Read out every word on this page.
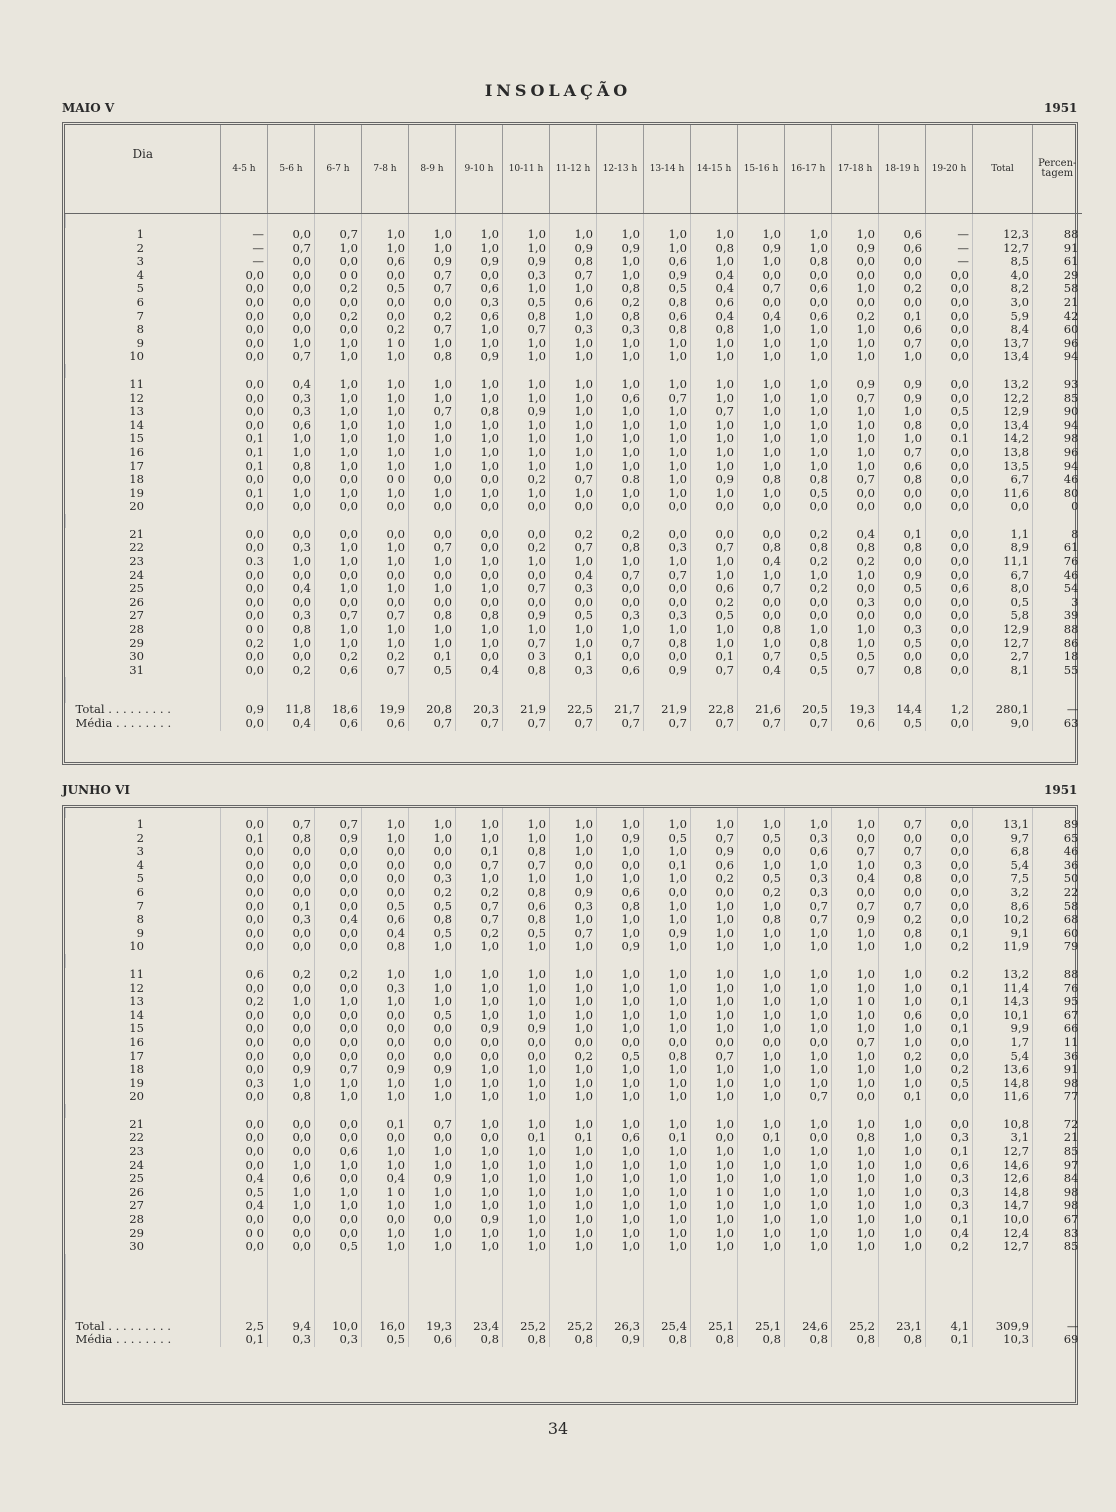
INSOLAÇÃO
MAIO V	1951
Dia	4-5 h	5-6 h	6-7 h	7-8 h	8-9 h	9-10 h	10-11 h	11-12 h	12-13 h	13-14 h	14-15 h	15-16 h	16-17 h	17-18 h	18-19 h	19-20 h	Total	Percen-tagem

1	—	0,0	0,7	1,0	1,0	1,0	1,0	1,0	1,0	1,0	1,0	1,0	1,0	1,0	0,6	—	12,3	88
2	—	0,7	1,0	1,0	1,0	1,0	1,0	0,9	0,9	1,0	0,8	0,9	1,0	0,9	0,6	—	12,7	91
3	—	0,0	0,0	0,6	0,9	0,9	0,9	0,8	1,0	0,6	1,0	1,0	0,8	0,0	0,0	—	8,5	61
4	0,0	0,0	0 0	0,0	0,7	0,0	0,3	0,7	1,0	0,9	0,4	0,0	0,0	0,0	0,0	0,0	4,0	29
5	0,0	0,0	0,2	0,5	0,7	0,6	1,0	1,0	0,8	0,5	0,4	0,7	0,6	1,0	0,2	0,0	8,2	58
6	0,0	0,0	0,0	0,0	0,0	0,3	0,5	0,6	0,2	0,8	0,6	0,0	0,0	0,0	0,0	0,0	3,0	21
7	0,0	0,0	0,2	0,0	0,2	0,6	0,8	1,0	0,8	0,6	0,4	0,4	0,6	0,2	0,1	0,0	5,9	42
8	0,0	0,0	0,0	0,2	0,7	1,0	0,7	0,3	0,3	0,8	0,8	1,0	1,0	1,0	0,6	0,0	8,4	60
9	0,0	1,0	1,0	1 0	1,0	1,0	1,0	1,0	1,0	1,0	1,0	1,0	1,0	1,0	0,7	0,0	13,7	96
10	0,0	0,7	1,0	1,0	0,8	0,9	1,0	1,0	1,0	1,0	1,0	1,0	1,0	1,0	1,0	0,0	13,4	94

11	0,0	0,4	1,0	1,0	1,0	1,0	1,0	1,0	1,0	1,0	1,0	1,0	1,0	0,9	0,9	0,0	13,2	93
12	0,0	0,3	1,0	1,0	1,0	1,0	1,0	1,0	0,6	0,7	1,0	1,0	1,0	0,7	0,9	0,0	12,2	85
13	0,0	0,3	1,0	1,0	0,7	0,8	0,9	1,0	1,0	1,0	0,7	1,0	1,0	1,0	1,0	0,5	12,9	90
14	0,0	0,6	1,0	1,0	1,0	1,0	1,0	1,0	1,0	1,0	1,0	1,0	1,0	1,0	0,8	0,0	13,4	94
15	0,1	1,0	1,0	1,0	1,0	1,0	1,0	1,0	1,0	1,0	1,0	1,0	1,0	1,0	1,0	0.1	14,2	98
16	0,1	1,0	1,0	1,0	1,0	1,0	1,0	1,0	1,0	1,0	1,0	1,0	1,0	1,0	0,7	0,0	13,8	96
17	0,1	0,8	1,0	1,0	1,0	1,0	1,0	1,0	1,0	1,0	1,0	1,0	1,0	1,0	0,6	0,0	13,5	94
18	0,0	0,0	0,0	0 0	0,0	0,0	0,2	0,7	0.8	1,0	0,9	0,8	0,8	0,7	0,8	0,0	6,7	46
19	0,1	1,0	1,0	1,0	1,0	1,0	1,0	1,0	1,0	1,0	1,0	1,0	0,5	0,0	0,0	0,0	11,6	80
20	0,0	0,0	0,0	0,0	0,0	0,0	0,0	0,0	0,0	0,0	0,0	0,0	0,0	0,0	0,0	0,0	0,0	0

21	0,0	0,0	0,0	0,0	0,0	0,0	0,0	0,2	0,2	0,0	0,0	0,0	0,2	0,4	0,1	0,0	1,1	8
22	0,0	0,3	1,0	1,0	0,7	0,0	0,2	0,7	0,8	0,3	0,7	0,8	0,8	0,8	0,8	0,0	8,9	61
23	0.3	1,0	1,0	1,0	1,0	1,0	1,0	1,0	1,0	1,0	1,0	0,4	0,2	0,2	0,0	0,0	11,1	76
24	0,0	0,0	0,0	0,0	0,0	0,0	0,0	0,4	0,7	0,7	1,0	1,0	1,0	1,0	0,9	0,0	6,7	46
25	0,0	0,4	1,0	1,0	1,0	1,0	0,7	0,3	0,0	0,0	0,6	0,7	0,2	0,0	0,5	0,6	8,0	54
26	0,0	0,0	0,0	0,0	0,0	0,0	0,0	0,0	0,0	0,0	0,2	0,0	0,0	0,3	0,0	0,0	0,5	3
27	0,0	0,3	0,7	0,7	0,8	0,8	0,9	0,5	0,3	0,3	0,5	0,0	0,0	0,0	0,0	0,0	5,8	39
28	0 0	0,8	1,0	1,0	1,0	1,0	1,0	1,0	1,0	1,0	1,0	0,8	1,0	1,0	0,3	0,0	12,9	88
29	0,2	1,0	1,0	1,0	1,0	1,0	0,7	1,0	0,7	0,8	1,0	1,0	0,8	1,0	0,5	0,0	12,7	86
30	0,0	0,0	0,2	0,2	0,1	0,0	0 3	0,1	0,0	0,0	0,1	0,7	0,5	0,5	0,0	0,0	2,7	18
31	0,0	0,2	0,6	0,7	0,5	0,4	0,8	0,3	0,6	0,9	0,7	0,4	0,5	0,7	0,8	0,0	8,1	55

Total . . . . . . . . .	0,9	11,8	18,6	19,9	20,8	20,3	21,9	22,5	21,7	21,9	22,8	21,6	20,5	19,3	14,4	1,2	280,1	—
Média . . . . . . . .	0,0	0,4	0,6	0,6	0,7	0,7	0,7	0,7	0,7	0,7	0,7	0,7	0,7	0,6	0,5	0,0	9,0	63
JUNHO VI	1951

1	0,0	0,7	0,7	1,0	1,0	1,0	1,0	1,0	1,0	1,0	1,0	1,0	1,0	1,0	0,7	0,0	13,1	89
2	0,1	0,8	0,9	1,0	1,0	1,0	1,0	1,0	0,9	0,5	0,7	0,5	0,3	0,0	0,0	0,0	9,7	65
3	0,0	0,0	0,0	0,0	0,0	0,1	0,8	1,0	1,0	1,0	0,9	0,0	0,6	0,7	0,7	0,0	6,8	46
4	0,0	0,0	0,0	0,0	0,0	0,7	0,7	0,0	0,0	0,1	0,6	1,0	1,0	1,0	0,3	0,0	5,4	36
5	0,0	0,0	0,0	0,0	0,3	1,0	1,0	1,0	1,0	1,0	0,2	0,5	0,3	0,4	0,8	0,0	7,5	50
6	0,0	0,0	0,0	0,0	0,2	0,2	0,8	0,9	0,6	0,0	0,0	0,2	0,3	0,0	0,0	0,0	3,2	22
7	0,0	0,1	0,0	0,5	0,5	0,7	0,6	0,3	0,8	1,0	1,0	1,0	0,7	0,7	0,7	0,0	8,6	58
8	0,0	0,3	0,4	0,6	0,8	0,7	0,8	1,0	1,0	1,0	1,0	0,8	0,7	0,9	0,2	0,0	10,2	68
9	0,0	0,0	0,0	0,4	0,5	0,2	0,5	0,7	1,0	0,9	1,0	1,0	1,0	1,0	0,8	0,1	9,1	60
10	0,0	0,0	0,0	0,8	1,0	1,0	1,0	1,0	0,9	1,0	1,0	1,0	1,0	1,0	1,0	0,2	11,9	79

11	0,6	0,2	0,2	1,0	1,0	1,0	1,0	1,0	1,0	1,0	1,0	1,0	1,0	1,0	1,0	0.2	13,2	88
12	0,0	0,0	0,0	0,3	1,0	1,0	1,0	1,0	1,0	1,0	1,0	1,0	1,0	1,0	1,0	0,1	11,4	76
13	0,2	1,0	1,0	1,0	1,0	1,0	1,0	1,0	1,0	1,0	1,0	1,0	1,0	1 0	1,0	0,1	14,3	95
14	0,0	0,0	0,0	0,0	0,5	1,0	1,0	1,0	1,0	1,0	1,0	1,0	1,0	1,0	0,6	0,0	10,1	67
15	0,0	0,0	0,0	0,0	0,0	0,9	0,9	1,0	1,0	1,0	1,0	1,0	1,0	1,0	1,0	0,1	9,9	66
16	0,0	0,0	0,0	0,0	0,0	0,0	0,0	0,0	0,0	0,0	0,0	0,0	0,0	0,7	1,0	0,0	1,7	11
17	0,0	0,0	0,0	0,0	0,0	0,0	0,0	0,2	0,5	0,8	0,7	1,0	1,0	1,0	0,2	0,0	5,4	36
18	0,0	0,9	0,7	0,9	0,9	1,0	1,0	1,0	1,0	1,0	1,0	1,0	1,0	1,0	1,0	0,2	13,6	91
19	0,3	1,0	1,0	1,0	1,0	1,0	1,0	1,0	1,0	1,0	1,0	1,0	1,0	1,0	1,0	0,5	14,8	98
20	0,0	0,8	1,0	1,0	1,0	1,0	1,0	1,0	1,0	1,0	1,0	1,0	0,7	0,0	0,1	0,0	11,6	77

21	0,0	0,0	0,0	0,1	0,7	1,0	1,0	1,0	1,0	1,0	1,0	1,0	1,0	1,0	1,0	0,0	10,8	72
22	0,0	0,0	0,0	0,0	0,0	0,0	0,1	0,1	0,6	0,1	0,0	0,1	0,0	0,8	1,0	0,3	3,1	21
23	0,0	0,0	0,6	1,0	1,0	1,0	1,0	1,0	1,0	1,0	1,0	1,0	1,0	1,0	1,0	0,1	12,7	85
24	0,0	1,0	1,0	1,0	1,0	1,0	1,0	1,0	1,0	1,0	1,0	1,0	1,0	1,0	1,0	0,6	14,6	97
25	0,4	0,6	0,0	0,4	0,9	1,0	1,0	1,0	1,0	1,0	1,0	1,0	1,0	1,0	1,0	0,3	12,6	84
26	0,5	1,0	1,0	1 0	1,0	1,0	1,0	1,0	1,0	1,0	1 0	1,0	1,0	1,0	1,0	0,3	14,8	98
27	0,4	1,0	1,0	1,0	1,0	1,0	1,0	1,0	1,0	1,0	1,0	1,0	1,0	1,0	1,0	0,3	14,7	98
28	0,0	0,0	0,0	0,0	0,0	0,9	1,0	1,0	1,0	1,0	1,0	1,0	1,0	1,0	1,0	0,1	10,0	67
29	0 0	0,0	0,0	1,0	1,0	1,0	1,0	1,0	1,0	1,0	1,0	1,0	1,0	1,0	1,0	0,4	12,4	83
30	0,0	0,0	0,5	1,0	1,0	1,0	1,0	1,0	1,0	1,0	1,0	1,0	1,0	1,0	1,0	0,2	12,7	85

Total . . . . . . . . .	2,5	9,4	10,0	16,0	19,3	23,4	25,2	25,2	26,3	25,4	25,1	25,1	24,6	25,2	23,1	4,1	309,9	—
Média . . . . . . . .	0,1	0,3	0,3	0,5	0,6	0,8	0,8	0,8	0,9	0,8	0,8	0,8	0,8	0,8	0,8	0,1	10,3	69
34
